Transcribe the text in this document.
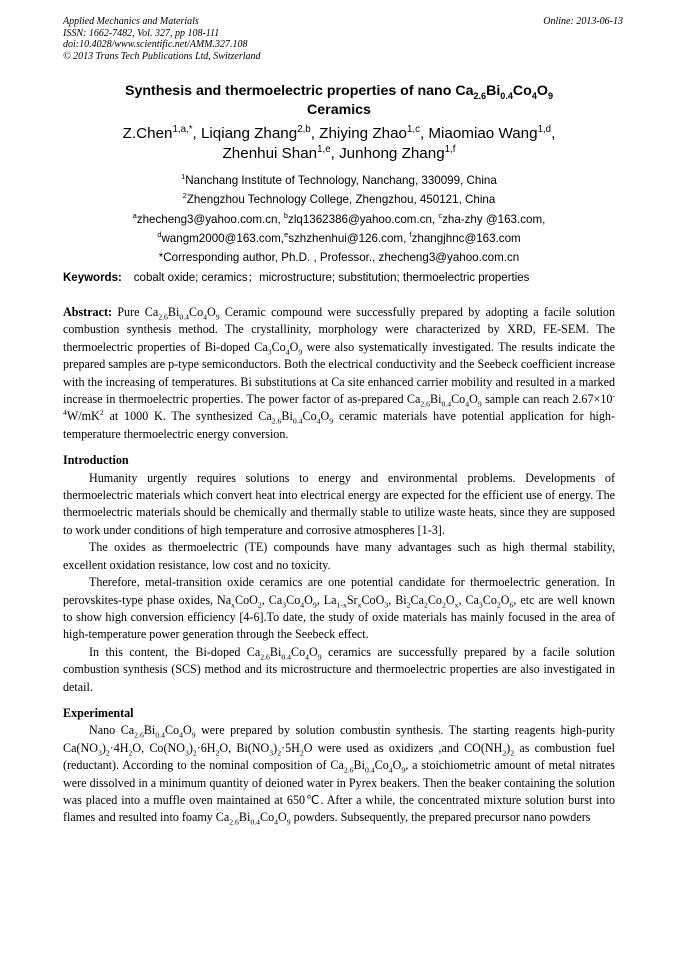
Applied Mechanics and Materials
ISSN: 1662-7482, Vol. 327, pp 108-111
doi:10.4028/www.scientific.net/AMM.327.108
© 2013 Trans Tech Publications Ltd, Switzerland
Online: 2013-06-13
Synthesis and thermoelectric properties of nano $Ca_{2.6}Bi_{0.4}Co_4O_9$
Ceramics
Z.Chen$^{1,a,*}$, Liqiang Zhang$^{2,b}$, Zhiying Zhao$^{1,c}$, Miaomiao Wang$^{1,d}$,
Zhenhui Shan$^{1,e}$, Junhong Zhang$^{1,f}$
$^1$Nanchang Institute of Technology, Nanchang, 330099, China
$^2$Zhengzhou Technology College, Zhengzhou, 450121, China
$^a$zhecheng3@yahoo.com.cn, $^b$zlq1362386@yahoo.com.cn, $^c$zha-zhy @163.com,
$^d$wangm2000@163.com,$^e$szhzhenhui@126.com, $^f$zhangjhnc@163.com
*Corresponding author, Ph.D. , Professor., zhecheng3@yahoo.com.cn
Keywords: cobalt oxide; ceramics；microstructure; substitution; thermoelectric properties

Abstract: Pure $Ca_{2.6}Bi_{0.4}Co_4O_9$ Ceramic compound were successfully prepared by adopting a facile solution combustion synthesis method. The crystallinity, morphology were characterized by XRD, FE-SEM. The thermoelectric properties of Bi-doped $Ca_3Co_4O_9$ were also systematically investigated. The results indicate the prepared samples are p-type semiconductors. Both the electrical conductivity and the Seebeck coefficient increase with the increasing of temperatures. Bi substitutions at Ca site enhanced carrier mobility and resulted in a marked increase in thermoelectric properties. The power factor of as-prepared $Ca_{2.6}Bi_{0.4}Co_4O_9$ sample can reach $2.67\times 10^{-4}W/mK^2$ at 1000 K. The synthesized $Ca_{2.6}Bi_{0.4}Co_4O_9$ ceramic materials have potential application for high-temperature thermoelectric energy conversion.

Introduction

Humanity urgently requires solutions to energy and environmental problems. Developments of thermoelectric materials which convert heat into electrical energy are expected for the efficient use of energy. The thermoelectric materials should be chemically and thermally stable to utilize waste heats, since they are supposed to work under conditions of high temperature and corrosive atmospheres [1-3].

The oxides as thermoelectric (TE) compounds have many advantages such as high thermal stability, excellent oxidation resistance, low cost and no toxicity.

Therefore, metal-transition oxide ceramics are one potential candidate for thermoelectric generation. In perovskites-type phase oxides, $Na_xCoO_2$, $Ca_3Co_4O_9$, $La_{1-x}Sr_xCoO_3$, $Bi_2Ca_2Co_2O_x$, $Ca_3Co_2O_6$, etc are well known to show high conversion efficiency [4-6].To date, the study of oxide materials has mainly focused in the area of high-temperature power generation through the Seebeck effect.

In this content, the Bi-doped $Ca_{2.6}Bi_{0.4}Co_4O_9$ ceramics are successfully prepared by a facile solution combustion synthesis (SCS) method and its microstructure and thermoelectric properties are also investigated in detail.

Experimental

Nano $Ca_{2.6}Bi_{0.4}Co_4O_9$ were prepared by solution combustin synthesis. The starting reagents high-purity $Ca(NO_3)_2\cdot 4H_2O$, $Co(NO_3)_2\cdot 6H_2O$, $Bi(NO_3)_2\cdot 5H_2O$ were used as oxidizers ,and $CO(NH_2)_2$ as combustion fuel (reductant). According to the nominal composition of $Ca_{2.6}Bi_{0.4}Co_4O_9$, a stoichiometric amount of metal nitrates were dissolved in a minimum quantity of deioned water in Pyrex beakers. Then the beaker containing the solution was placed into a muffle oven maintained at 650℃. After a while, the concentrated mixture solution burst into flames and resulted into foamy $Ca_{2.6}Bi_{0.4}Co_4O_9$ powders. Subsequently, the prepared precursor nano powders
